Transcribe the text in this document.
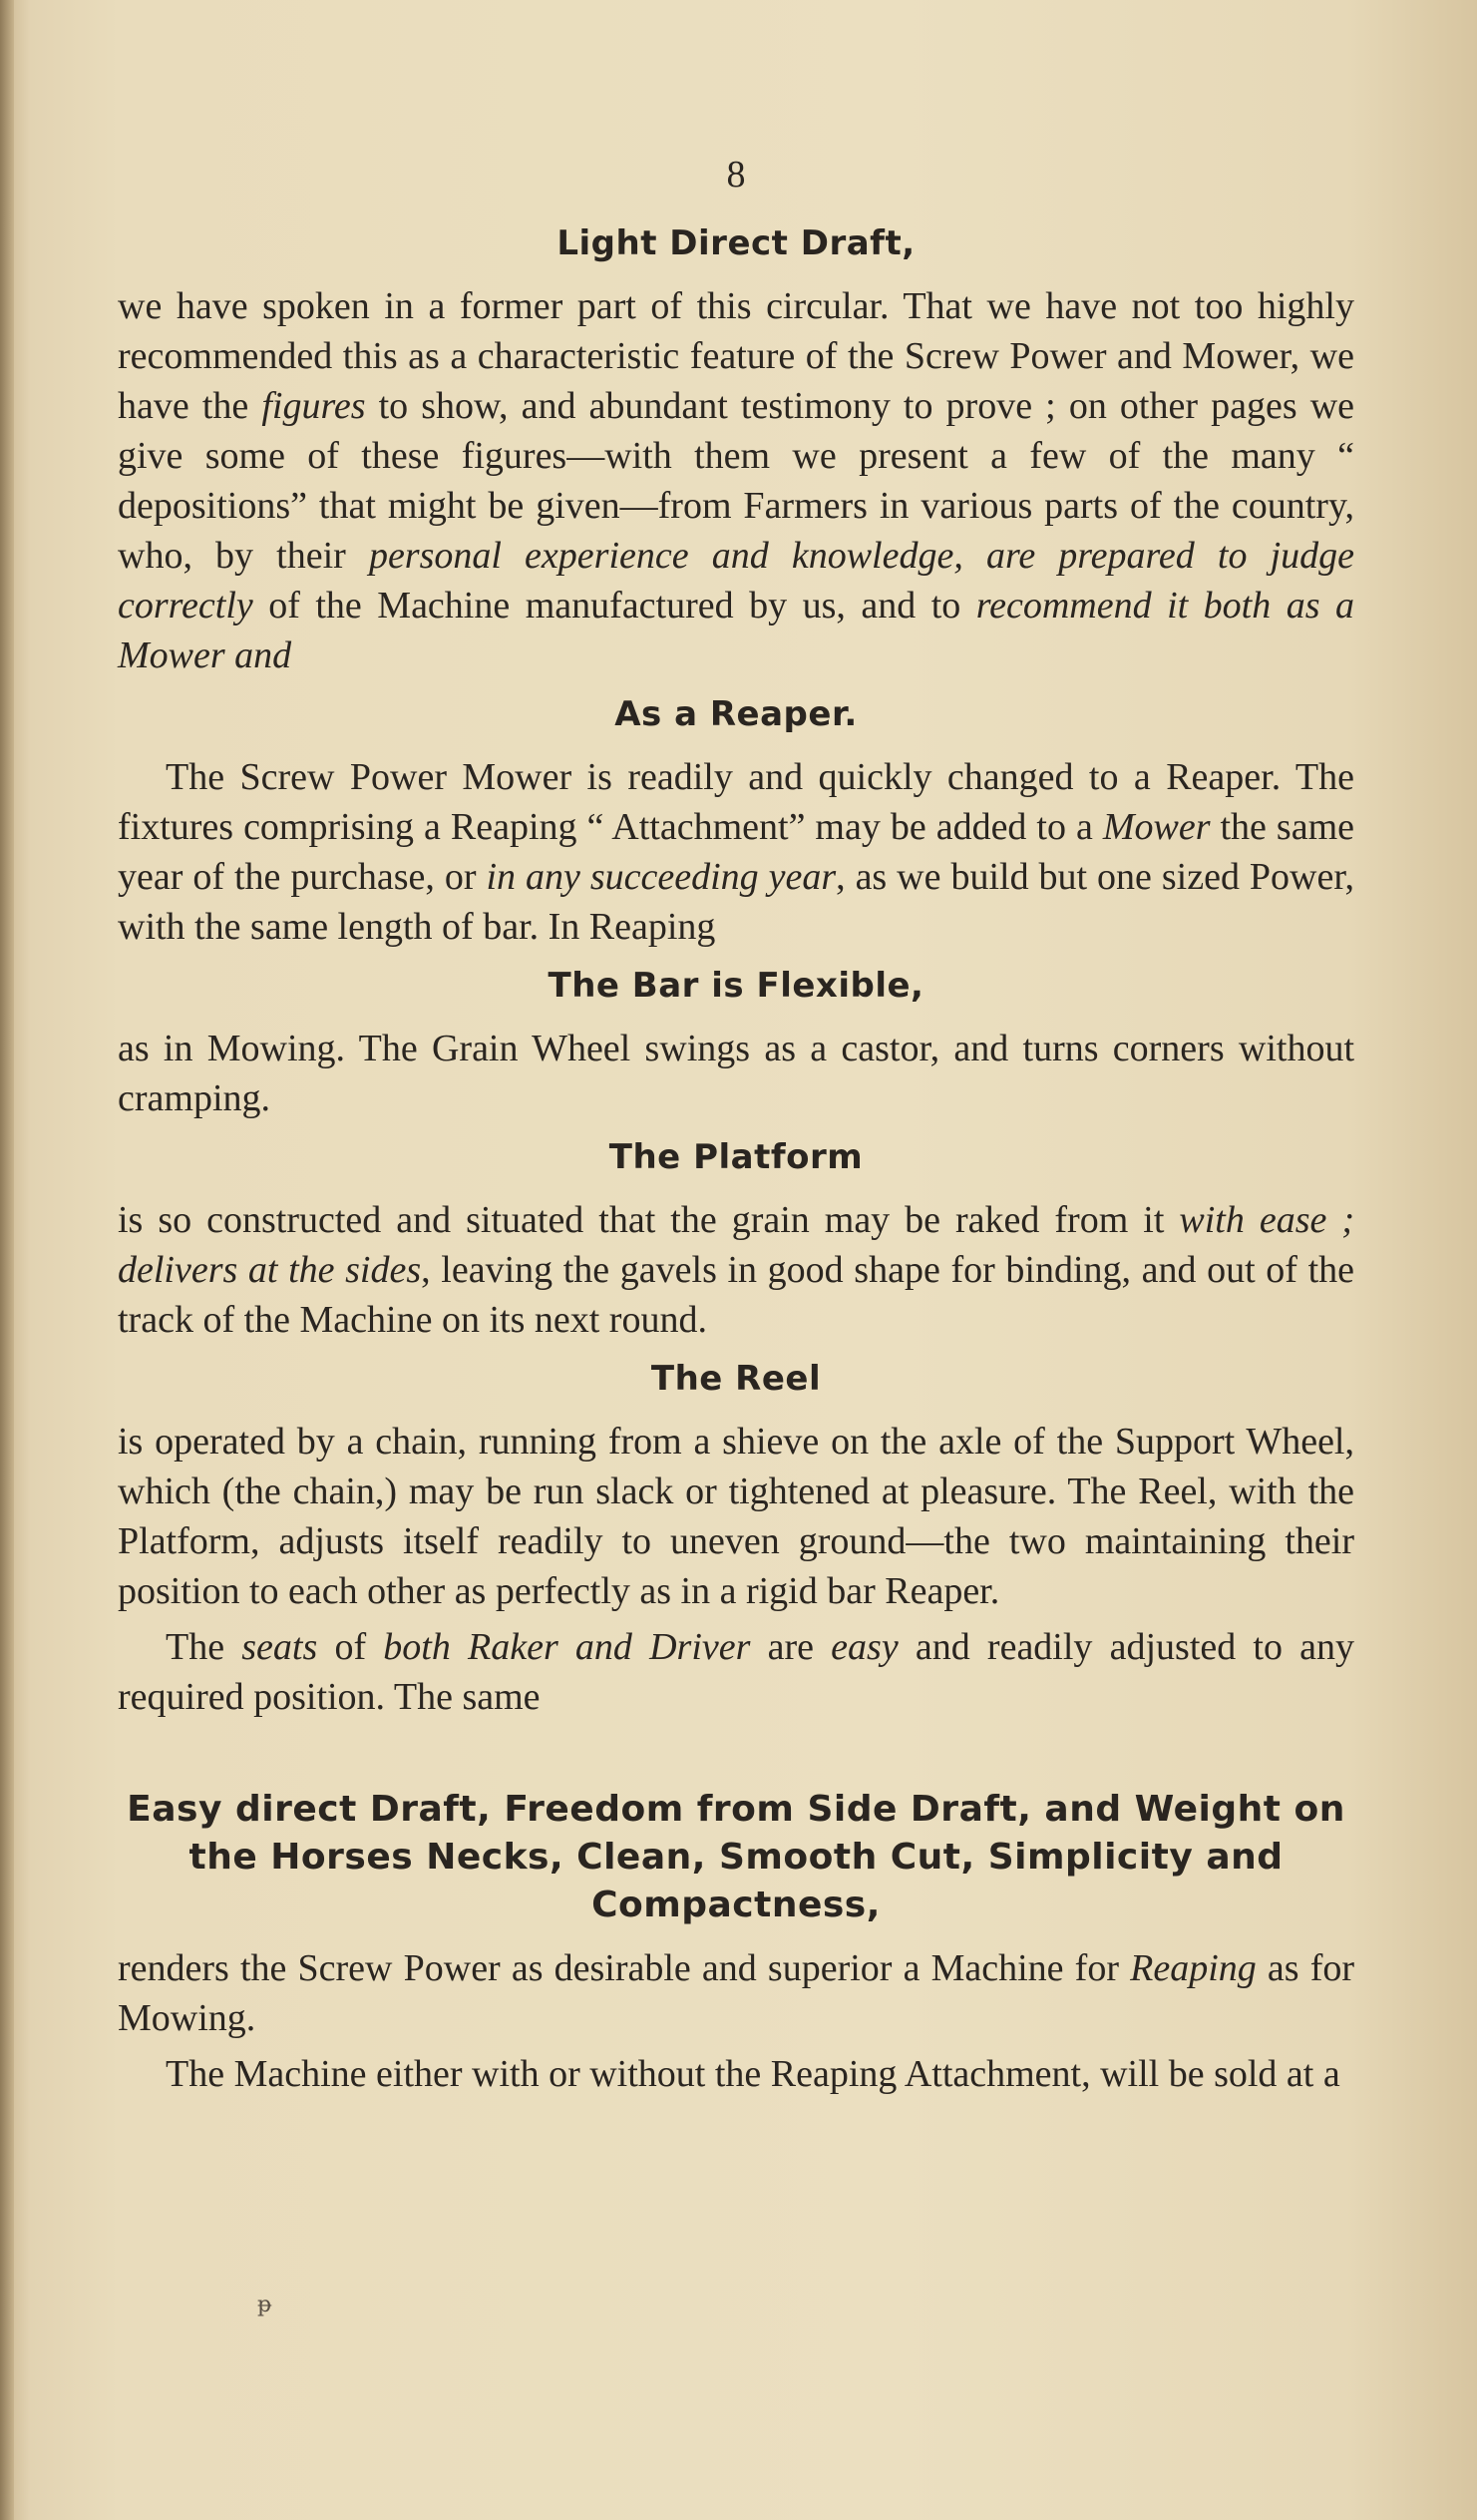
8
Light Direct Draft,

we have spoken in a former part of this circular. That we have not too highly recommended this as a characteristic feature of the Screw Power and Mower, we have the figures to show, and abundant testimony to prove ; on other pages we give some of these figures—with them we present a few of the many “ depositions” that might be given—from Farmers in various parts of the country, who, by their personal experience and knowledge, are prepared to judge correctly of the Machine manufactured by us, and to recommend it both as a Mower and

As a Reaper.

The Screw Power Mower is readily and quickly changed to a Reaper. The fixtures comprising a Reaping “ Attachment” may be added to a Mower the same year of the purchase, or in any succeeding year, as we build but one sized Power, with the same length of bar. In Reaping

The Bar is Flexible,

as in Mowing. The Grain Wheel swings as a castor, and turns corners without cramping.

The Platform

is so constructed and situated that the grain may be raked from it with ease ; delivers at the sides, leaving the gavels in good shape for binding, and out of the track of the Machine on its next round.

The Reel

is operated by a chain, running from a shieve on the axle of the Support Wheel, which (the chain,) may be run slack or tightened at pleasure. The Reel, with the Platform, adjusts itself readily to uneven ground—the two maintaining their position to each other as perfectly as in a rigid bar Reaper.

The seats of both Raker and Driver are easy and readily adjusted to any required position. The same

Easy direct Draft, Freedom from Side Draft, and Weight on the Horses Necks, Clean, Smooth Cut, Simplicity and Compactness,

renders the Screw Power as desirable and superior a Machine for Reaping as for Mowing.

The Machine either with or without the Reaping Attachment, will be sold at a

ᵽ
